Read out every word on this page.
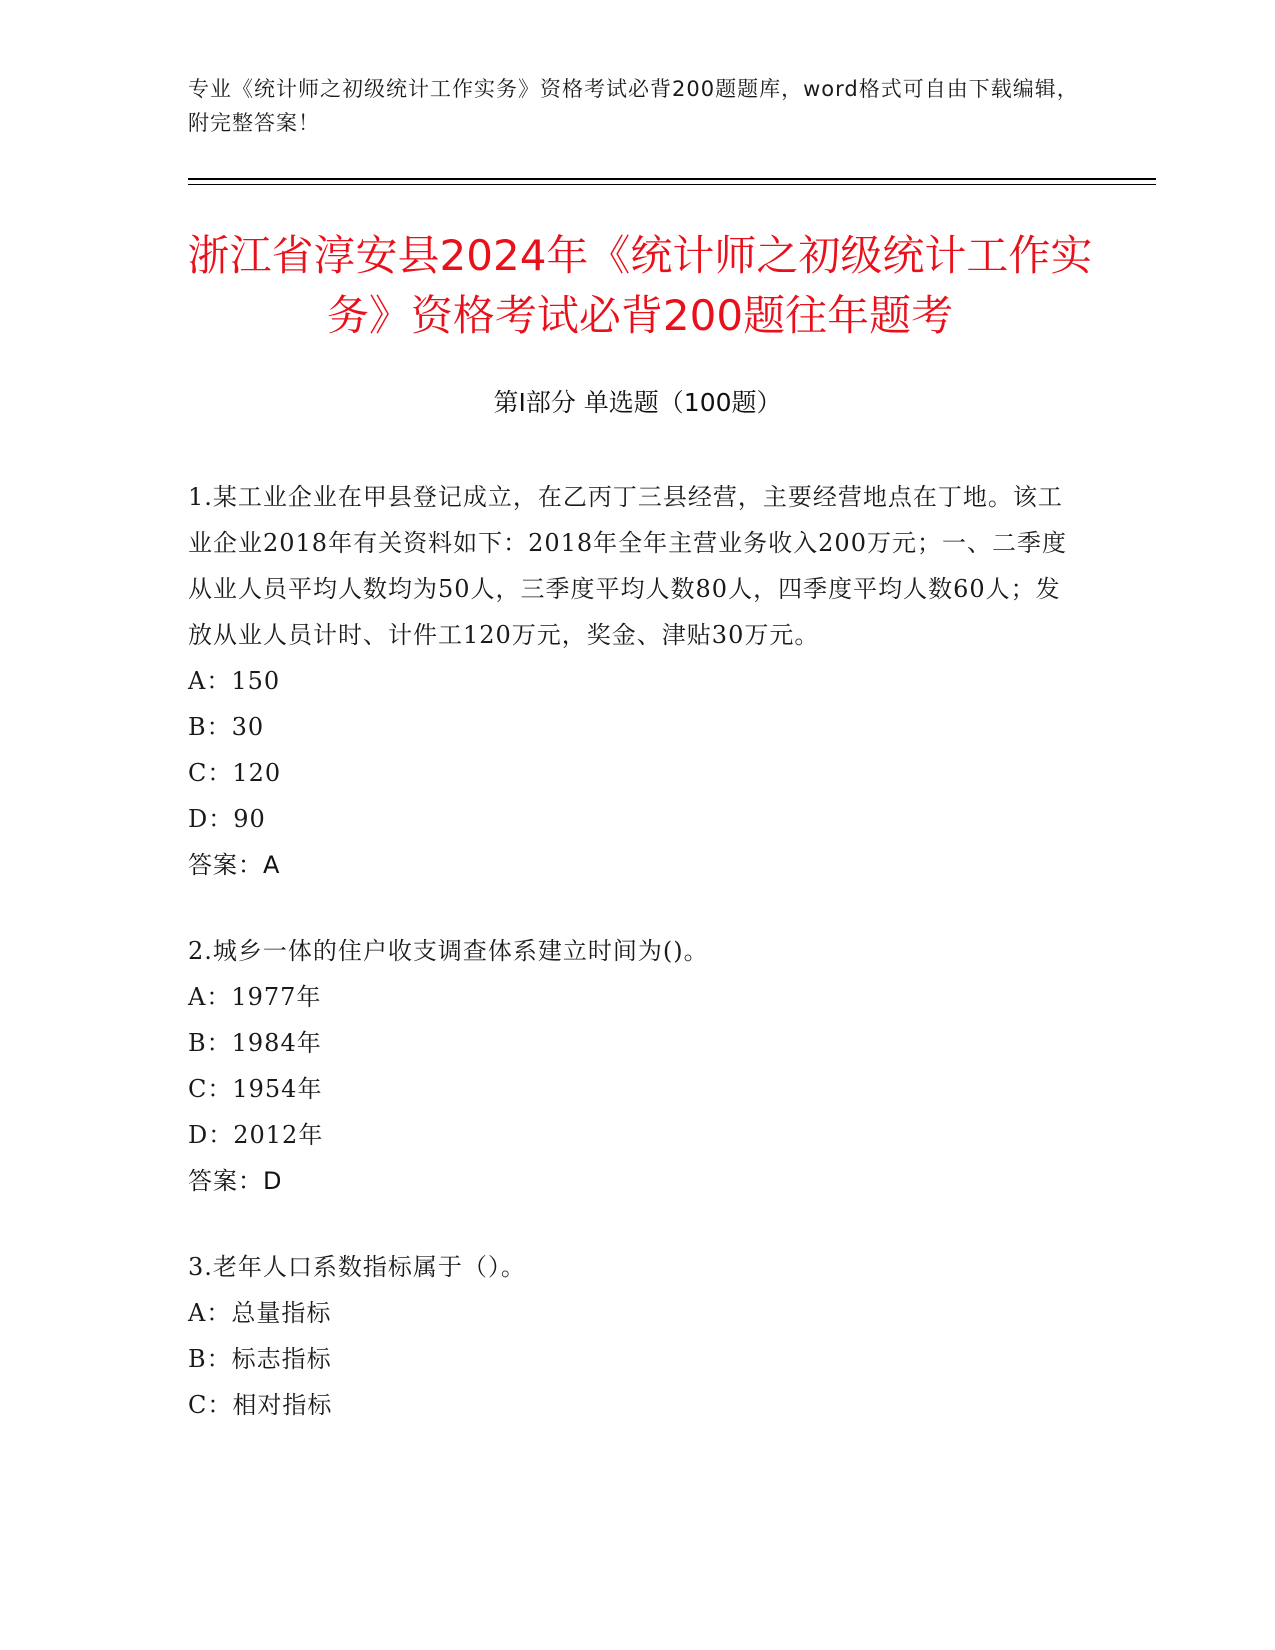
专业《统计师之初级统计工作实务》资格考试必背200题题库，word格式可自由下载编辑，附完整答案！
浙江省淳安县2024年《统计师之初级统计工作实务》资格考试必背200题往年题考
第I部分 单选题（100题）
1.某工业企业在甲县登记成立，在乙丙丁三县经营，主要经营地点在丁地。该工业企业2018年有关资料如下：2018年全年主营业务收入200万元；一、二季度从业人员平均人数均为50人，三季度平均人数80人，四季度平均人数60人；发放从业人员计时、计件工120万元，奖金、津贴30万元。
A：150
B：30
C：120
D：90
答案：A
2.城乡一体的住户收支调查体系建立时间为()。
A：1977年
B：1984年
C：1954年
D：2012年
答案：D
3.老年人口系数指标属于（）。
A：总量指标
B：标志指标
C：相对指标
